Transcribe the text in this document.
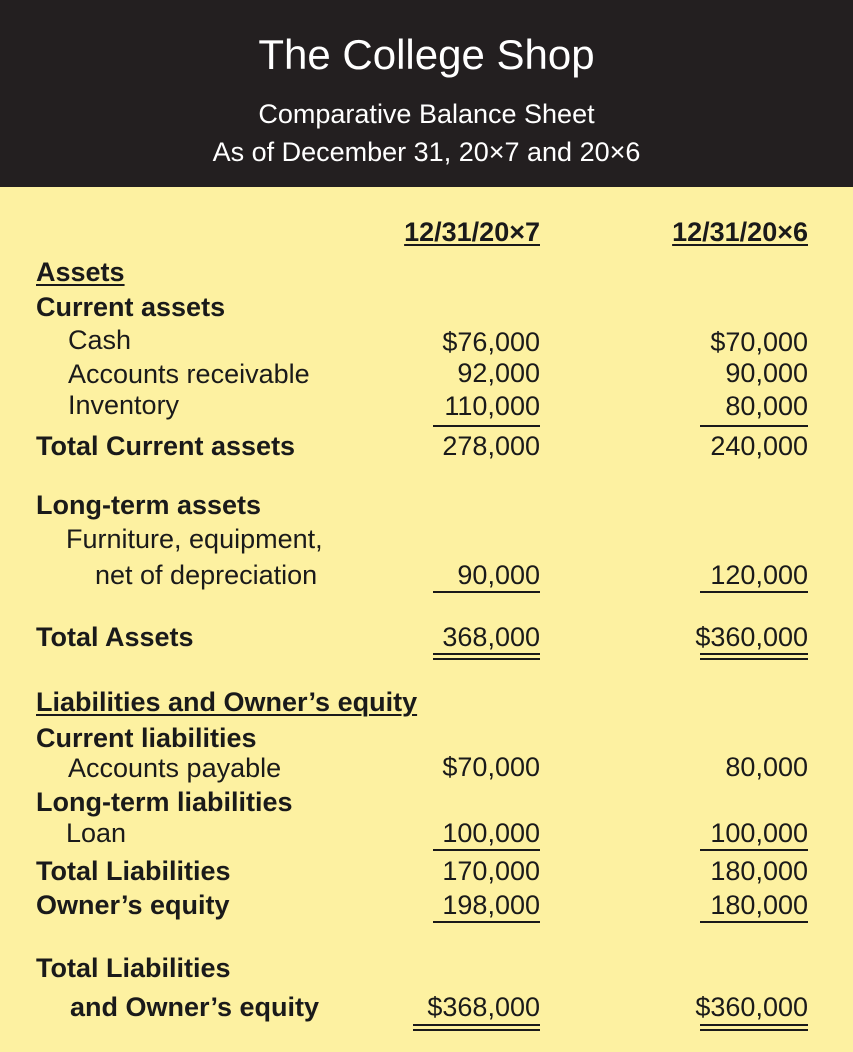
The College Shop
Comparative Balance Sheet
As of December 31, 20×7 and 20×6
12/31/20×7	12/31/20×6
Assets
Current assets
Cash	$76,000	$70,000
Accounts receivable	92,000	90,000
Inventory	110,000	80,000
Total Current assets	278,000	240,000
Long-term assets
Furniture, equipment,
net of depreciation	90,000	120,000
Total Assets	368,000	$360,000
Liabilities and Owner’s equity
Current liabilities
Accounts payable	$70,000	80,000
Long-term liabilities
Loan	100,000	100,000
Total Liabilities	170,000	180,000
Owner’s equity	198,000	180,000
Total Liabilities
and Owner’s equity	$368,000	$360,000
